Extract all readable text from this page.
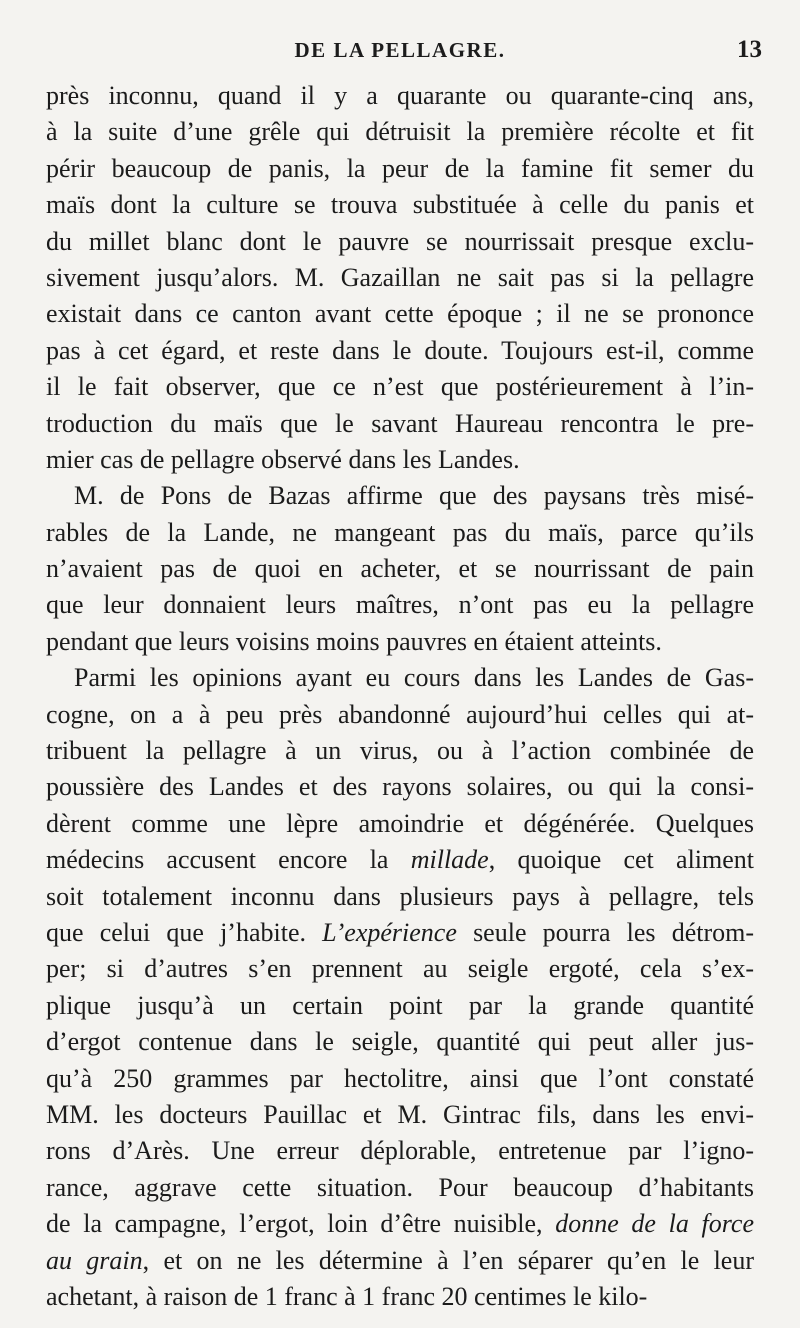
DE LA PELLAGRE.	13
près inconnu, quand il y a quarante ou quarante-cinq ans,
à la suite d’une grêle qui détruisit la première récolte et fit
périr beaucoup de panis, la peur de la famine fit semer du
maïs dont la culture se trouva substituée à celle du panis et
du millet blanc dont le pauvre se nourrissait presque exclu-
sivement jusqu’alors. M. Gazaillan ne sait pas si la pellagre
existait dans ce canton avant cette époque ; il ne se prononce
pas à cet égard, et reste dans le doute. Toujours est-il, comme
il le fait observer, que ce n’est que postérieurement à l’in-
troduction du maïs que le savant Haureau rencontra le pre-
mier cas de pellagre observé dans les Landes.
M. de Pons de Bazas affirme que des paysans très misé-
rables de la Lande, ne mangeant pas du maïs, parce qu’ils
n’avaient pas de quoi en acheter, et se nourrissant de pain
que leur donnaient leurs maîtres, n’ont pas eu la pellagre
pendant que leurs voisins moins pauvres en étaient atteints.
Parmi les opinions ayant eu cours dans les Landes de Gas-
cogne, on a à peu près abandonné aujourd’hui celles qui at-
tribuent la pellagre à un virus, ou à l’action combinée de
poussière des Landes et des rayons solaires, ou qui la consi-
dèrent comme une lèpre amoindrie et dégénérée. Quelques
médecins accusent encore la millade, quoique cet aliment
soit totalement inconnu dans plusieurs pays à pellagre, tels
que celui que j’habite. L’expérience seule pourra les détrom-
per; si d’autres s’en prennent au seigle ergoté, cela s’ex-
plique jusqu’à un certain point par la grande quantité
d’ergot contenue dans le seigle, quantité qui peut aller jus-
qu’à 250 grammes par hectolitre, ainsi que l’ont constaté
MM. les docteurs Pauillac et M. Gintrac fils, dans les envi-
rons d’Arès. Une erreur déplorable, entretenue par l’igno-
rance, aggrave cette situation. Pour beaucoup d’habitants
de la campagne, l’ergot, loin d’être nuisible, donne de la force
au grain, et on ne les détermine à l’en séparer qu’en le leur
achetant, à raison de 1 franc à 1 franc 20 centimes le kilo-
